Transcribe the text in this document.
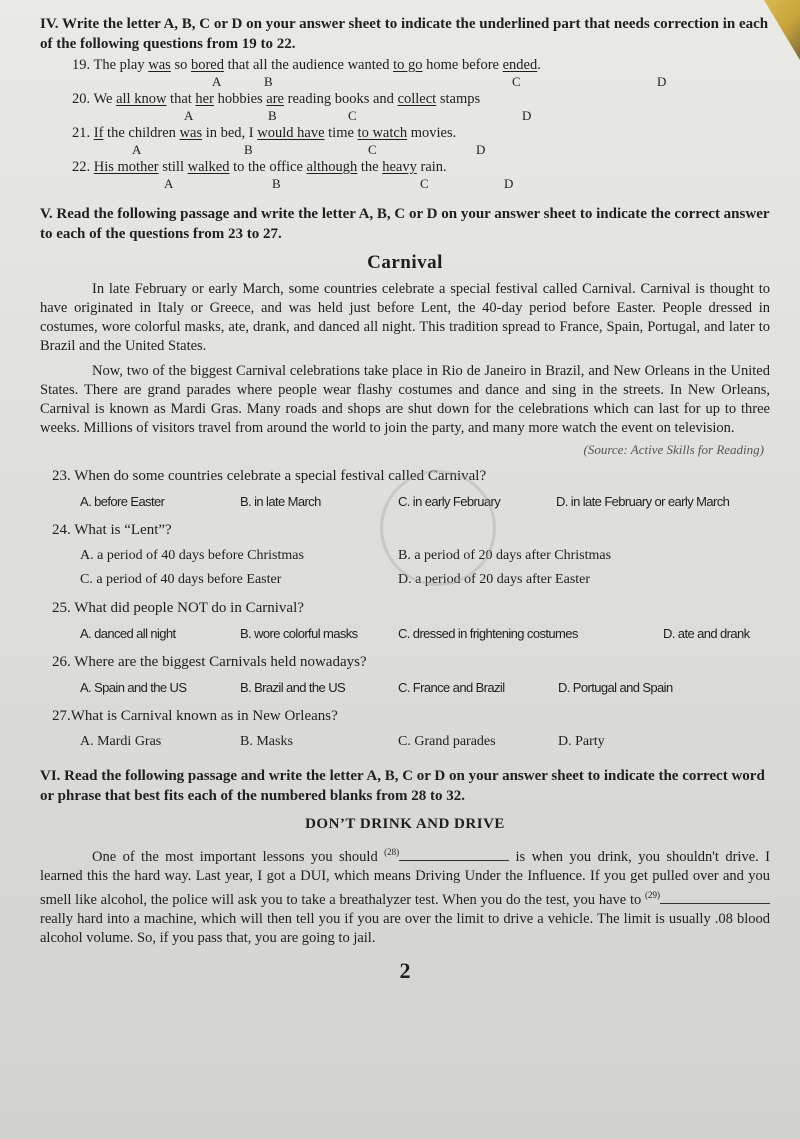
IV. Write the letter A, B, C or D on your answer sheet to indicate the underlined part that needs correction in each of the following questions from 19 to 22.
19. The play was so bored that all the audience wanted to go home before ended.
A	B	C	D
20. We all know that her hobbies are reading books and collect stamps
A	B	C	D
21. If the children was in bed, I would have time to watch movies.
A	B	C	D
22. His mother still walked to the office although the heavy rain.
A	B	C	D
V. Read the following passage and write the letter A, B, C or D on your answer sheet to indicate the correct answer to each of the questions from 23 to 27.
Carnival

In late February or early March, some countries celebrate a special festival called Carnival. Carnival is thought to have originated in Italy or Greece, and was held just before Lent, the 40-day period before Easter. People dressed in costumes, wore colorful masks, ate, drank, and danced all night. This tradition spread to France, Spain, Portugal, and later to Brazil and the United States.

Now, two of the biggest Carnival celebrations take place in Rio de Janeiro in Brazil, and New Orleans in the United States. There are grand parades where people wear flashy costumes and dance and sing in the streets. In New Orleans, Carnival is known as Mardi Gras. Many roads and shops are shut down for the celebrations which can last for up to three weeks. Millions of visitors travel from around the world to join the party, and many more watch the event on television.

(Source: Active Skills for Reading)
23. When do some countries celebrate a special festival called Carnival?
A. before Easter	B. in late March	C. in early February	D. in late February or early March
24. What is “Lent”?
A. a period of 40 days before Christmas	B. a period of 20 days after Christmas
C. a period of 40 days before Easter	D. a period of 20 days after Easter
25. What did people NOT do in Carnival?
A. danced all night	B. wore colorful masks	C. dressed in frightening costumes	D. ate and drank
26. Where are the biggest Carnivals held nowadays?
A. Spain and the US	B. Brazil and the US	C. France and Brazil	D. Portugal and Spain
27.What is Carnival known as in New Orleans?
A. Mardi Gras	B. Masks	C. Grand parades	D. Party
VI. Read the following passage and write the letter A, B, C or D on your answer sheet to indicate the correct word or phrase that best fits each of the numbered blanks from 28 to 32.
DON’T DRINK AND DRIVE

One of the most important lessons you should $^{(28)}$	is when you drink, you shouldn't drive. I learned this the hard way. Last year, I got a DUI, which means Driving Under the Influence. If you get pulled over and you smell like alcohol, the police will ask you to take a breathalyzer test. When you do the test, you have to $^{(29)}$ really hard into a machine, which will then tell you if you are over the limit to drive a vehicle. The limit is usually .08 blood alcohol volume. So, if you pass that, you are going to jail.

2
